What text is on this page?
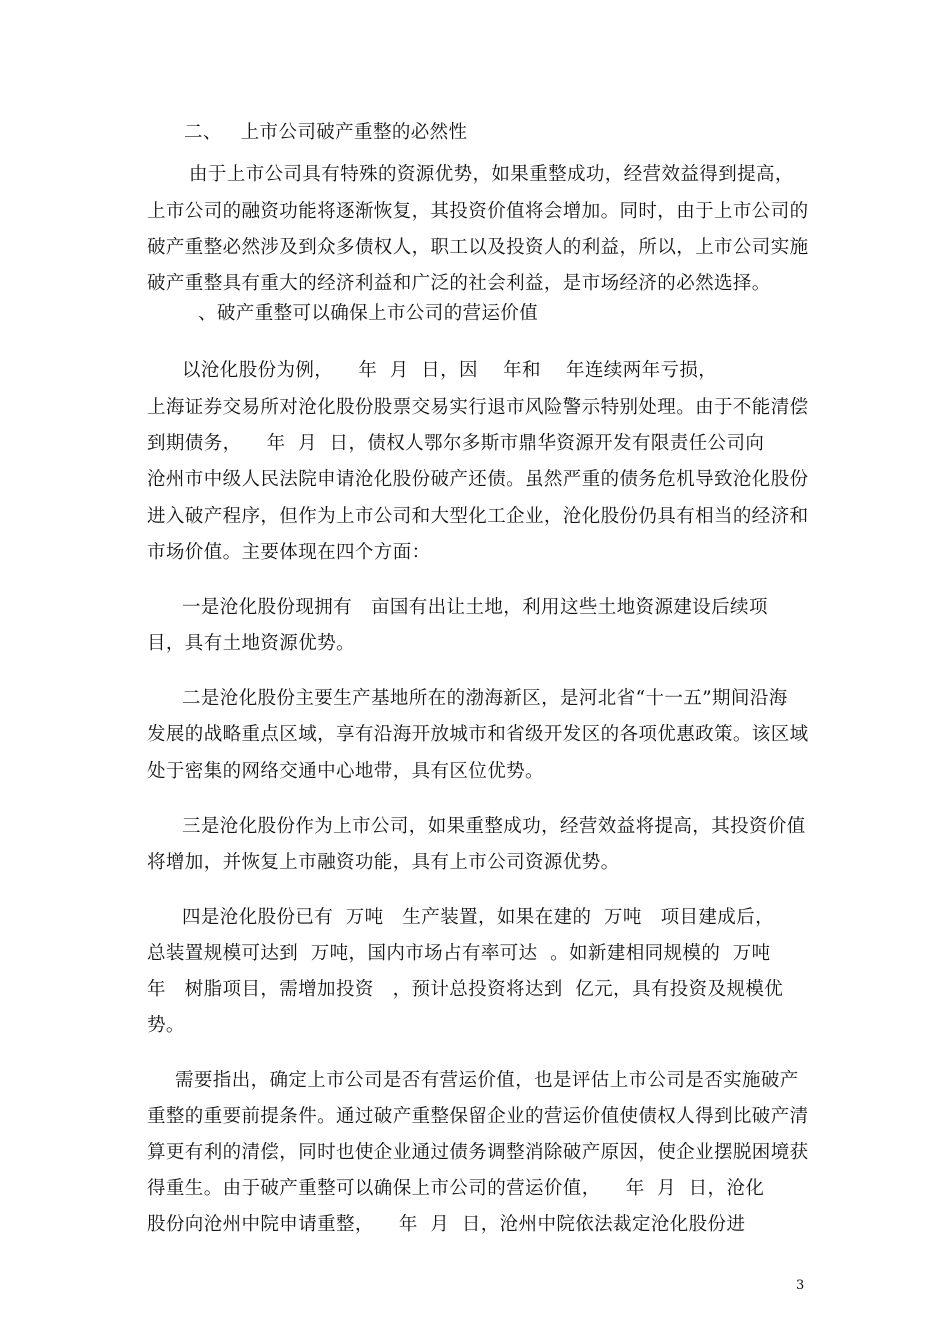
二、   上市公司破产重整的必然性
由于上市公司具有特殊的资源优势，如果重整成功，经营效益得到提高，
上市公司的融资功能将逐渐恢复，其投资价值将会增加。同时，由于上市公司的
破产重整必然涉及到众多债权人，职工以及投资人的利益，所以，上市公司实施
破产重整具有重大的经济利益和广泛的社会利益，是市场经济的必然选择。
、破产重整可以确保上市公司的营运价值
以沧化股份为例，    年  月  日，因    年和    年连续两年亏损，
上海证券交易所对沧化股份股票交易实行退市风险警示特别处理。由于不能清偿
到期债务，    年  月  日，债权人鄂尔多斯市鼎华资源开发有限责任公司向
沧州市中级人民法院申请沧化股份破产还债。虽然严重的债务危机导致沧化股份
进入破产程序，但作为上市公司和大型化工企业，沧化股份仍具有相当的经济和
市场价值。主要体现在四个方面：
一是沧化股份现拥有   亩国有出让土地，利用这些土地资源建设后续项
目，具有土地资源优势。
二是沧化股份主要生产基地所在的渤海新区，是河北省“十一五”期间沿海
发展的战略重点区域，享有沿海开放城市和省级开发区的各项优惠政策。该区域
处于密集的网络交通中心地带，具有区位优势。
三是沧化股份作为上市公司，如果重整成功，经营效益将提高，其投资价值
将增加，并恢复上市融资功能，具有上市公司资源优势。
四是沧化股份已有  万吨   生产装置，如果在建的  万吨   项目建成后，
总装置规模可达到  万吨，国内市场占有率可达  。如新建相同规模的  万吨
年   树脂项目，需增加投资   ，预计总投资将达到  亿元，具有投资及规模优
势。
需要指出，确定上市公司是否有营运价值，也是评估上市公司是否实施破产
重整的重要前提条件。通过破产重整保留企业的营运价值使债权人得到比破产清
算更有利的清偿，同时也使企业通过债务调整消除破产原因，使企业摆脱困境获
得重生。由于破产重整可以确保上市公司的营运价值，    年  月  日，沧化
股份向沧州中院申请重整，    年  月  日，沧州中院依法裁定沧化股份进
3
